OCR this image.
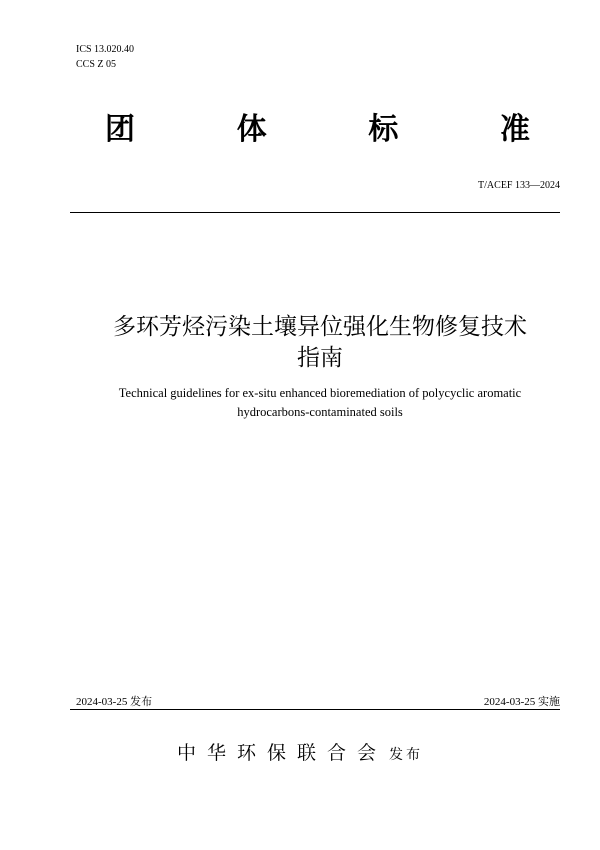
ICS 13.020.40
CCS Z 05
团	体	标	准
T/ACEF 133—2024
多环芳烃污染土壤异位强化生物修复技术
指南
Technical guidelines for ex-situ enhanced bioremediation of polycyclic aromatic
hydrocarbons-contaminated soils
2024-03-25 发布	2024-03-25 实施
中华环保联合会 发布
